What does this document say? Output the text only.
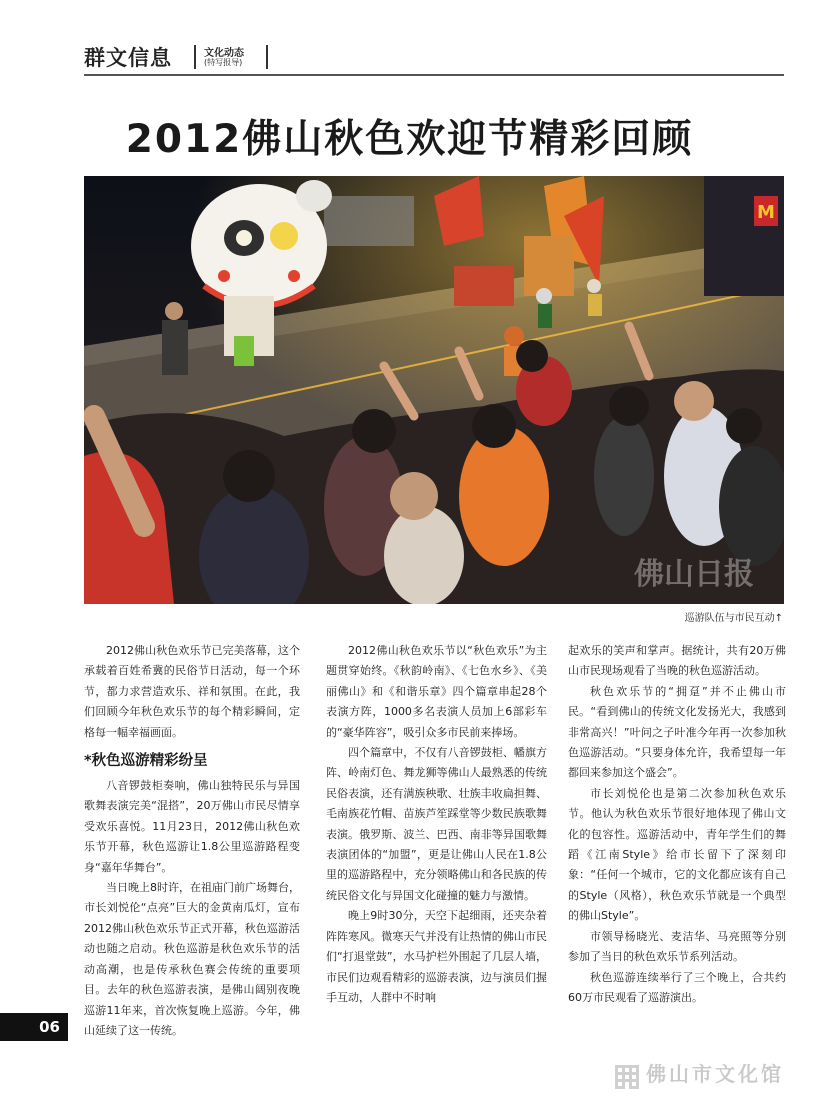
群文信息	文化动态
(特写报导)
2012佛山秋色欢迎节精彩回顾
M
佛山日报
巡游队伍与市民互动↑

2012佛山秋色欢乐节已完美落幕，这个承载着百姓希冀的民俗节日活动，每一个环节，都力求营造欢乐、祥和氛围。在此，我们回顾今年秋色欢乐节的每个精彩瞬间，定格每一幅幸福画面。

*秋色巡游精彩纷呈

八音锣鼓柜奏响，佛山独特民乐与异国歌舞表演完美“混搭”，20万佛山市民尽情享受欢乐喜悦。11月23日，2012佛山秋色欢乐节开幕，秋色巡游让1.8公里巡游路程变身“嘉年华舞台”。

当日晚上8时许，在祖庙门前广场舞台，市长刘悦伦“点亮”巨大的金黄南瓜灯，宣布2012佛山秋色欢乐节正式开幕，秋色巡游活动也随之启动。秋色巡游是秋色欢乐节的活动高潮，也是传承秋色赛会传统的重要项目。去年的秋色巡游表演，是佛山阔别夜晚巡游11年来，首次恢复晚上巡游。今年，佛山延续了这一传统。

2012佛山秋色欢乐节以“秋色欢乐”为主题贯穿始终。《秋韵岭南》、《七色水乡》、《美丽佛山》和《和谐乐章》四个篇章串起28个表演方阵，1000多名表演人员加上6部彩车的“豪华阵容”，吸引众多市民前来捧场。

四个篇章中，不仅有八音锣鼓柜、幡旗方阵、岭南灯色、舞龙狮等佛山人最熟悉的传统民俗表演，还有满族秧歌、壮族丰收扁担舞、毛南族花竹帽、苗族芦笙踩堂等少数民族歌舞表演。俄罗斯、波兰、巴西、南非等异国歌舞表演团体的“加盟”，更是让佛山人民在1.8公里的巡游路程中，充分领略佛山和各民族的传统民俗文化与异国文化碰撞的魅力与激情。

晚上9时30分，天空下起细雨，还夹杂着阵阵寒风。微寒天气并没有让热情的佛山市民们“打退堂鼓”，水马护栏外围起了几层人墙，市民们边观看精彩的巡游表演，边与演员们握手互动，人群中不时响

起欢乐的笑声和掌声。据统计，共有20万佛山市民现场观看了当晚的秋色巡游活动。

秋色欢乐节的“拥趸”并不止佛山市民。“看到佛山的传统文化发扬光大，我感到非常高兴！”叶问之子叶准今年再一次参加秋色巡游活动。“只要身体允许，我希望每一年都回来参加这个盛会”。

市长刘悦伦也是第二次参加秋色欢乐节。他认为秋色欢乐节很好地体现了佛山文化的包容性。巡游活动中，青年学生们的舞蹈《江南Style》给市长留下了深刻印象：“任何一个城市，它的文化都应该有自己的Style（风格），秋色欢乐节就是一个典型的佛山Style”。

市领导杨晓光、麦洁华、马亮照等分别参加了当日的秋色欢乐节系列活动。

秋色巡游连续举行了三个晚上，合共约60万市民观看了巡游演出。

06
佛山市文化馆
